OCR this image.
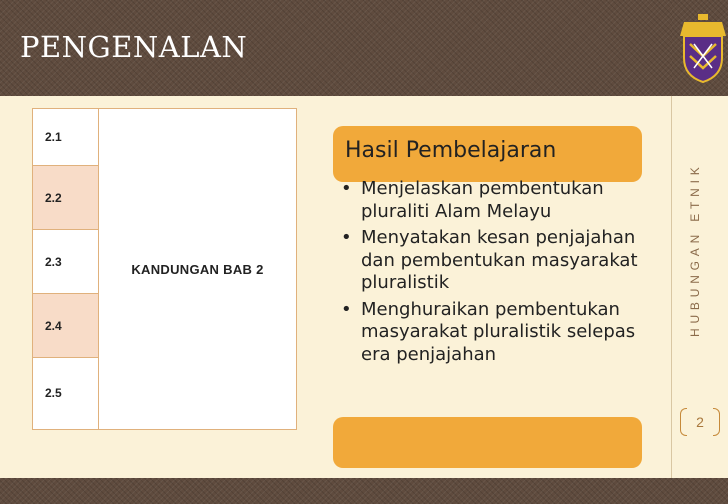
PENGENALAN
HUBUNGAN ETNIK
2
2.1
2.2
2.3
2.4
2.5
KANDUNGAN BAB 2
Hasil Pembelajaran
• Menjelaskan pembentukan pluraliti Alam Melayu
• Menyatakan kesan penjajahan dan pembentukan masyarakat pluralistik
• Menghuraikan pembentukan masyarakat pluralistik selepas era penjajahan
